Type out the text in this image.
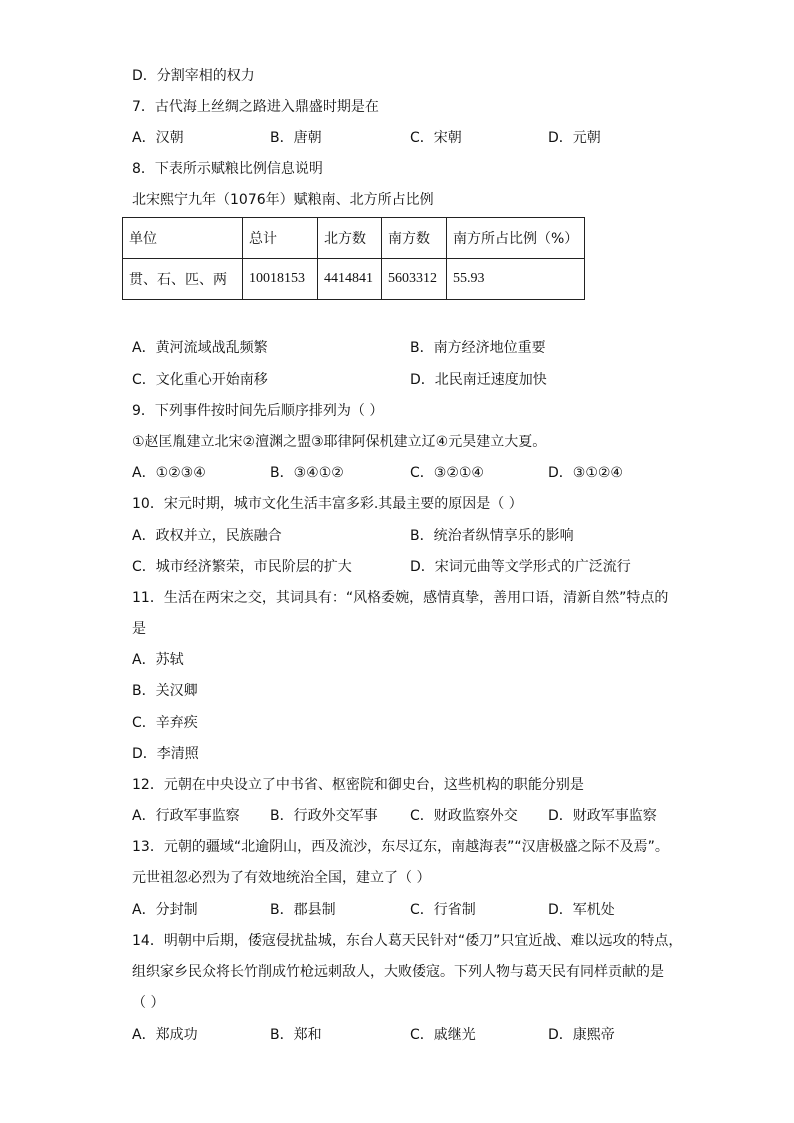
D．分割宰相的权力
7．古代海上丝绸之路进入鼎盛时期是在
A．汉朝	B．唐朝	C．宋朝	D．元朝
8．下表所示赋粮比例信息说明
北宋熙宁九年（1076年）赋粮南、北方所占比例
单位	总计	北方数	南方数	南方所占比例（%）
贯、石、匹、两	10018153	4414841	5603312	55.93
A．黄河流域战乱频繁	B．南方经济地位重要
C．文化重心开始南移	D．北民南迁速度加快
9．下列事件按时间先后顺序排列为（ ）
①赵匡胤建立北宋②澶渊之盟③耶律阿保机建立辽④元昊建立大夏。
A．①②③④	B．③④①②	C．③②①④	D．③①②④
10．宋元时期，城市文化生活丰富多彩.其最主要的原因是（ ）
A．政权并立，民族融合	B．统治者纵情享乐的影响
C．城市经济繁荣，市民阶层的扩大	D．宋词元曲等文学形式的广泛流行
11．生活在两宋之交，其词具有：“风格委婉，感情真挚，善用口语，清新自然”特点的
是
A．苏轼
B．关汉卿
C．辛弃疾
D．李清照
12．元朝在中央设立了中书省、枢密院和御史台，这些机构的职能分别是
A．行政军事监察 B．行政外交军事 C．财政监察外交 D．财政军事监察
13．元朝的疆域“北逾阴山，西及流沙，东尽辽东，南越海表”“汉唐极盛之际不及焉”。
元世祖忽必烈为了有效地统治全国，建立了（ ）
A．分封制	B．郡县制	C．行省制	D．军机处
14．明朝中后期，倭寇侵扰盐城，东台人葛天民针对“倭刀”只宜近战、难以远攻的特点，
组织家乡民众将长竹削成竹枪远刺敌人，大败倭寇。下列人物与葛天民有同样贡献的是
（ ）
A．郑成功	B．郑和	C．戚继光	D．康熙帝
